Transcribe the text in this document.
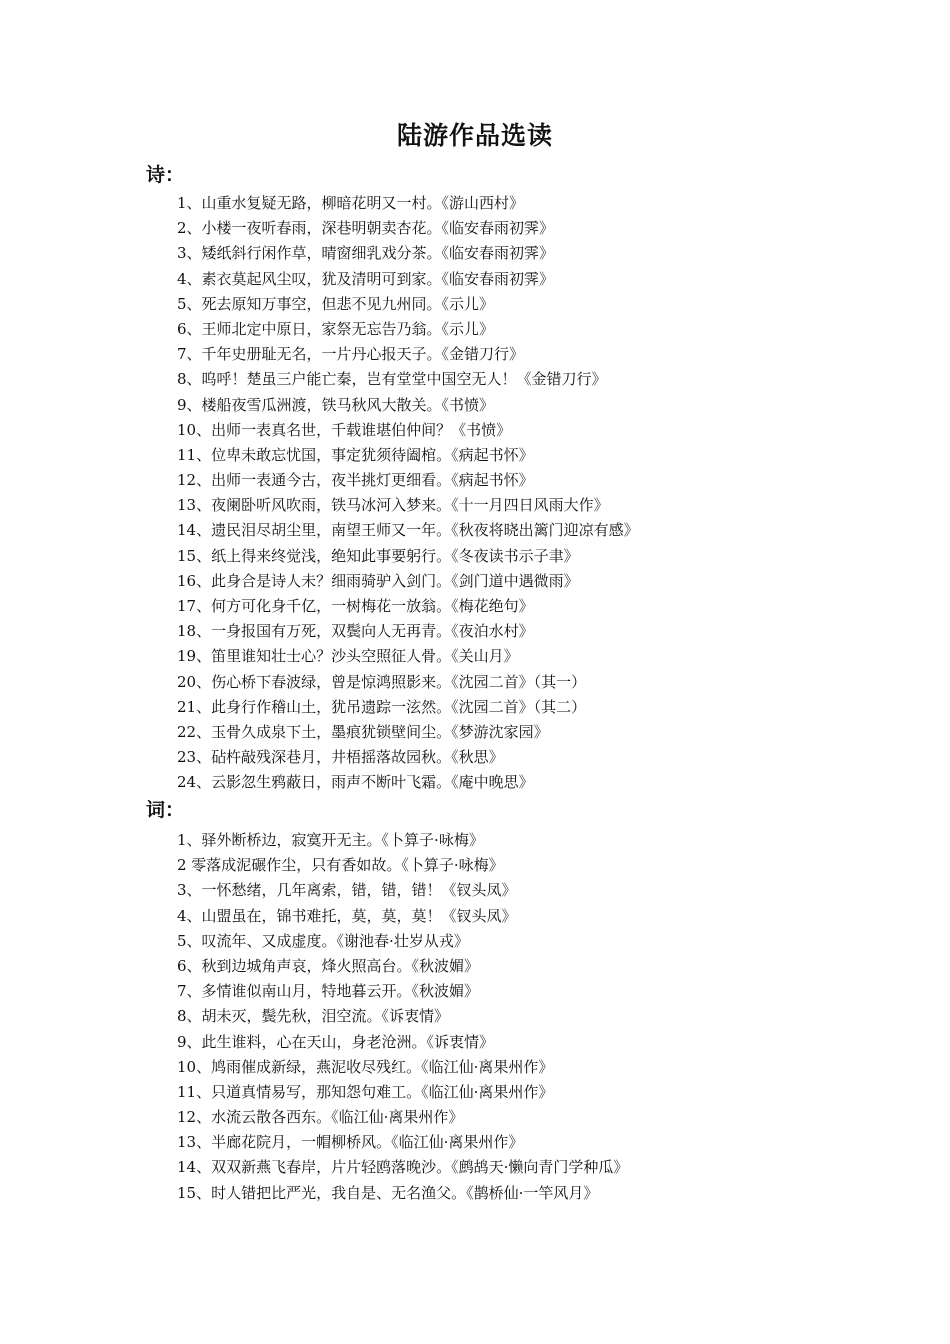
陆游作品选读
诗：
1、山重水复疑无路，柳暗花明又一村。《游山西村》
2、小楼一夜听春雨，深巷明朝卖杏花。《临安春雨初霁》
3、矮纸斜行闲作草，晴窗细乳戏分茶。《临安春雨初霁》
4、素衣莫起风尘叹，犹及清明可到家。《临安春雨初霁》
5、死去原知万事空，但悲不见九州同。《示儿》
6、王师北定中原日，家祭无忘告乃翁。《示儿》
7、千年史册耻无名，一片丹心报天子。《金错刀行》
8、呜呼！楚虽三户能亡秦，岂有堂堂中国空无人！《金错刀行》
9、楼船夜雪瓜洲渡，铁马秋风大散关。《书愤》
10、出师一表真名世，千载谁堪伯仲间？《书愤》
11、位卑未敢忘忧国，事定犹须待阖棺。《病起书怀》
12、出师一表通今古，夜半挑灯更细看。《病起书怀》
13、夜阑卧听风吹雨，铁马冰河入梦来。《十一月四日风雨大作》
14、遗民泪尽胡尘里，南望王师又一年。《秋夜将晓出篱门迎凉有感》
15、纸上得来终觉浅，绝知此事要躬行。《冬夜读书示子聿》
16、此身合是诗人未？细雨骑驴入剑门。《剑门道中遇微雨》
17、何方可化身千亿，一树梅花一放翁。《梅花绝句》
18、一身报国有万死，双鬓向人无再青。《夜泊水村》
19、笛里谁知壮士心？沙头空照征人骨。《关山月》
20、伤心桥下春波绿，曾是惊鸿照影来。《沈园二首》（其一）
21、此身行作稽山土，犹吊遗踪一泫然。《沈园二首》（其二）
22、玉骨久成泉下土，墨痕犹锁壁间尘。《梦游沈家园》
23、砧杵敲残深巷月，井梧摇落故园秋。《秋思》
24、云影忽生鸦蔽日，雨声不断叶飞霜。《庵中晚思》
词：
1、驿外断桥边，寂寞开无主。《卜算子·咏梅》
2 零落成泥碾作尘，只有香如故。《卜算子·咏梅》
3、一怀愁绪，几年离索，错，错，错！《钗头凤》
4、山盟虽在，锦书难托，莫，莫，莫！《钗头凤》
5、叹流年、又成虚度。《谢池春·壮岁从戎》
6、秋到边城角声哀，烽火照高台。《秋波媚》
7、多情谁似南山月，特地暮云开。《秋波媚》
8、胡未灭，鬓先秋，泪空流。《诉衷情》
9、此生谁料，心在天山，身老沧洲。《诉衷情》
10、鸠雨催成新绿，燕泥收尽残红。《临江仙·离果州作》
11、只道真情易写，那知怨句难工。《临江仙·离果州作》
12、水流云散各西东。《临江仙·离果州作》
13、半廊花院月，一帽柳桥风。《临江仙·离果州作》
14、双双新燕飞春岸，片片轻鸥落晚沙。《鹧鸪天·懒向青门学种瓜》
15、时人错把比严光，我自是、无名渔父。《鹊桥仙·一竿风月》
